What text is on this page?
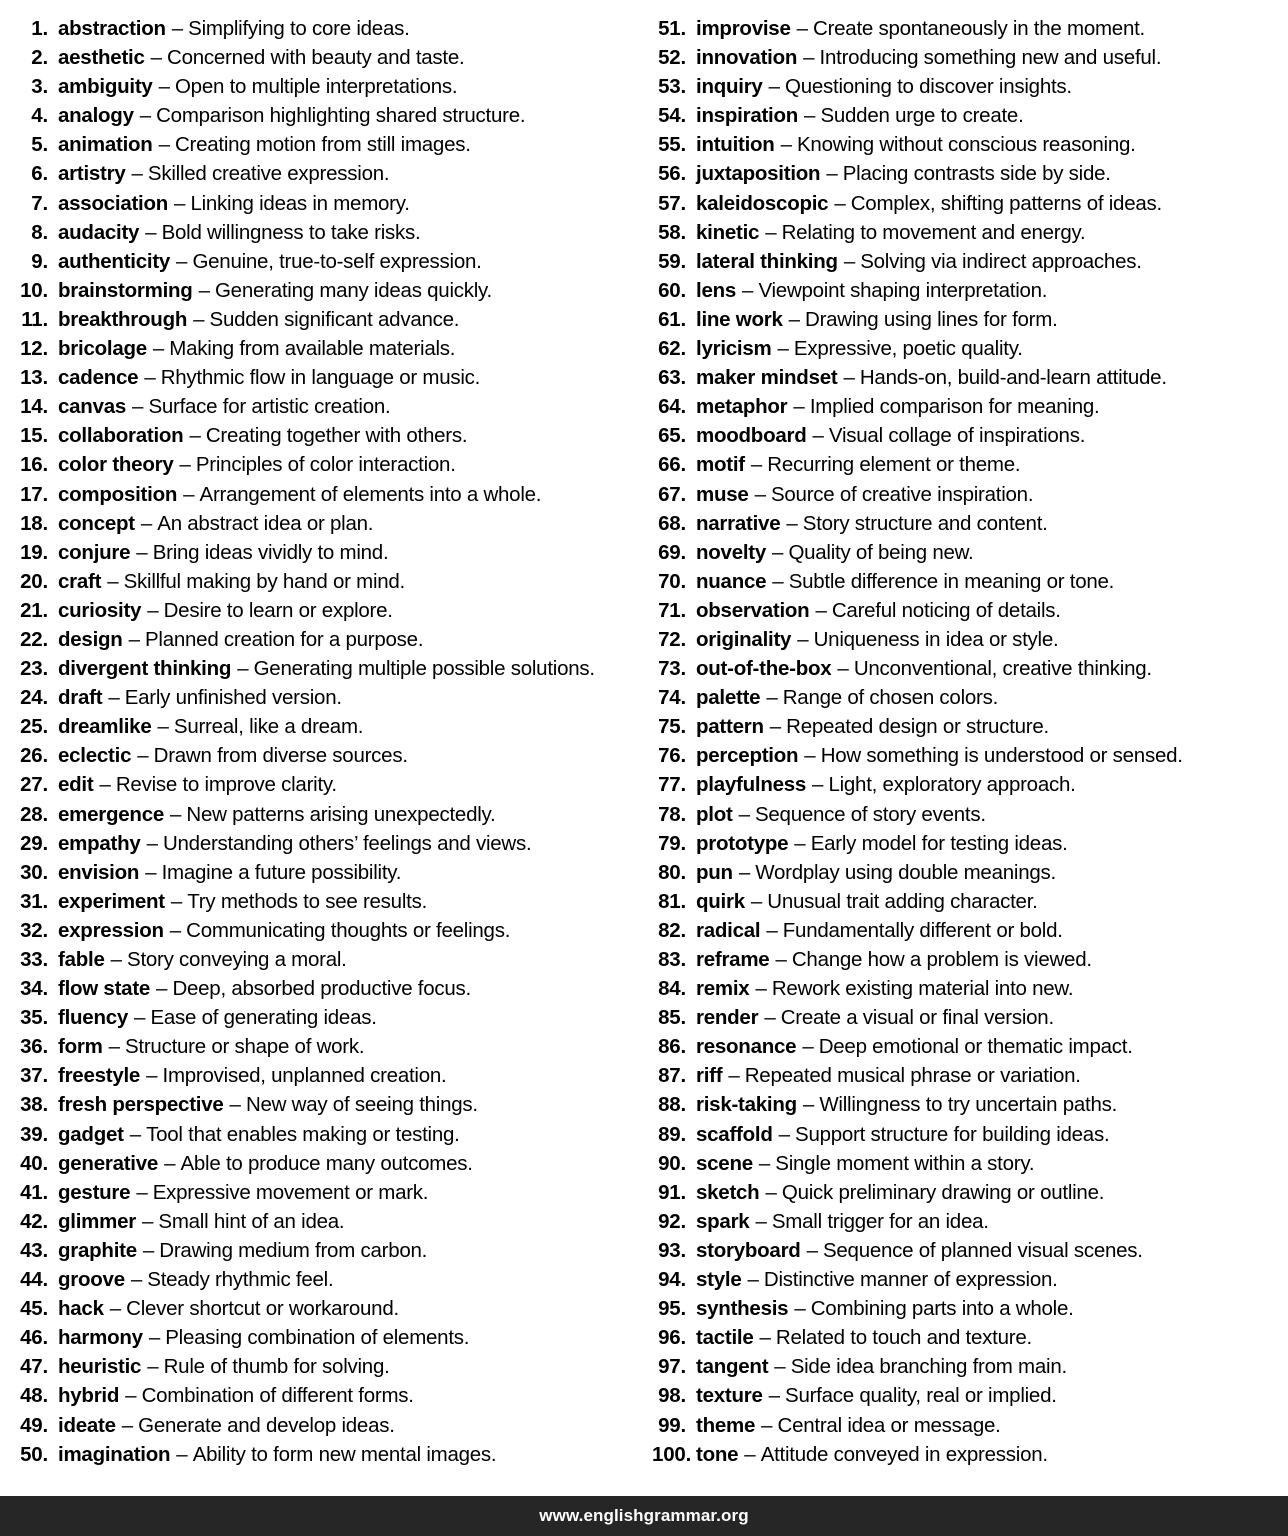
1. abstraction – Simplifying to core ideas.
2. aesthetic – Concerned with beauty and taste.
3. ambiguity – Open to multiple interpretations.
4. analogy – Comparison highlighting shared structure.
5. animation – Creating motion from still images.
6. artistry – Skilled creative expression.
7. association – Linking ideas in memory.
8. audacity – Bold willingness to take risks.
9. authenticity – Genuine, true-to-self expression.
10. brainstorming – Generating many ideas quickly.
11. breakthrough – Sudden significant advance.
12. bricolage – Making from available materials.
13. cadence – Rhythmic flow in language or music.
14. canvas – Surface for artistic creation.
15. collaboration – Creating together with others.
16. color theory – Principles of color interaction.
17. composition – Arrangement of elements into a whole.
18. concept – An abstract idea or plan.
19. conjure – Bring ideas vividly to mind.
20. craft – Skillful making by hand or mind.
21. curiosity – Desire to learn or explore.
22. design – Planned creation for a purpose.
23. divergent thinking – Generating multiple possible solutions.
24. draft – Early unfinished version.
25. dreamlike – Surreal, like a dream.
26. eclectic – Drawn from diverse sources.
27. edit – Revise to improve clarity.
28. emergence – New patterns arising unexpectedly.
29. empathy – Understanding others’ feelings and views.
30. envision – Imagine a future possibility.
31. experiment – Try methods to see results.
32. expression – Communicating thoughts or feelings.
33. fable – Story conveying a moral.
34. flow state – Deep, absorbed productive focus.
35. fluency – Ease of generating ideas.
36. form – Structure or shape of work.
37. freestyle – Improvised, unplanned creation.
38. fresh perspective – New way of seeing things.
39. gadget – Tool that enables making or testing.
40. generative – Able to produce many outcomes.
41. gesture – Expressive movement or mark.
42. glimmer – Small hint of an idea.
43. graphite – Drawing medium from carbon.
44. groove – Steady rhythmic feel.
45. hack – Clever shortcut or workaround.
46. harmony – Pleasing combination of elements.
47. heuristic – Rule of thumb for solving.
48. hybrid – Combination of different forms.
49. ideate – Generate and develop ideas.
50. imagination – Ability to form new mental images.
51. improvise – Create spontaneously in the moment.
52. innovation – Introducing something new and useful.
53. inquiry – Questioning to discover insights.
54. inspiration – Sudden urge to create.
55. intuition – Knowing without conscious reasoning.
56. juxtaposition – Placing contrasts side by side.
57. kaleidoscopic – Complex, shifting patterns of ideas.
58. kinetic – Relating to movement and energy.
59. lateral thinking – Solving via indirect approaches.
60. lens – Viewpoint shaping interpretation.
61. line work – Drawing using lines for form.
62. lyricism – Expressive, poetic quality.
63. maker mindset – Hands-on, build-and-learn attitude.
64. metaphor – Implied comparison for meaning.
65. moodboard – Visual collage of inspirations.
66. motif – Recurring element or theme.
67. muse – Source of creative inspiration.
68. narrative – Story structure and content.
69. novelty – Quality of being new.
70. nuance – Subtle difference in meaning or tone.
71. observation – Careful noticing of details.
72. originality – Uniqueness in idea or style.
73. out-of-the-box – Unconventional, creative thinking.
74. palette – Range of chosen colors.
75. pattern – Repeated design or structure.
76. perception – How something is understood or sensed.
77. playfulness – Light, exploratory approach.
78. plot – Sequence of story events.
79. prototype – Early model for testing ideas.
80. pun – Wordplay using double meanings.
81. quirk – Unusual trait adding character.
82. radical – Fundamentally different or bold.
83. reframe – Change how a problem is viewed.
84. remix – Rework existing material into new.
85. render – Create a visual or final version.
86. resonance – Deep emotional or thematic impact.
87. riff – Repeated musical phrase or variation.
88. risk-taking – Willingness to try uncertain paths.
89. scaffold – Support structure for building ideas.
90. scene – Single moment within a story.
91. sketch – Quick preliminary drawing or outline.
92. spark – Small trigger for an idea.
93. storyboard – Sequence of planned visual scenes.
94. style – Distinctive manner of expression.
95. synthesis – Combining parts into a whole.
96. tactile – Related to touch and texture.
97. tangent – Side idea branching from main.
98. texture – Surface quality, real or implied.
99. theme – Central idea or message.
100. tone – Attitude conveyed in expression.
www.englishgrammar.org
